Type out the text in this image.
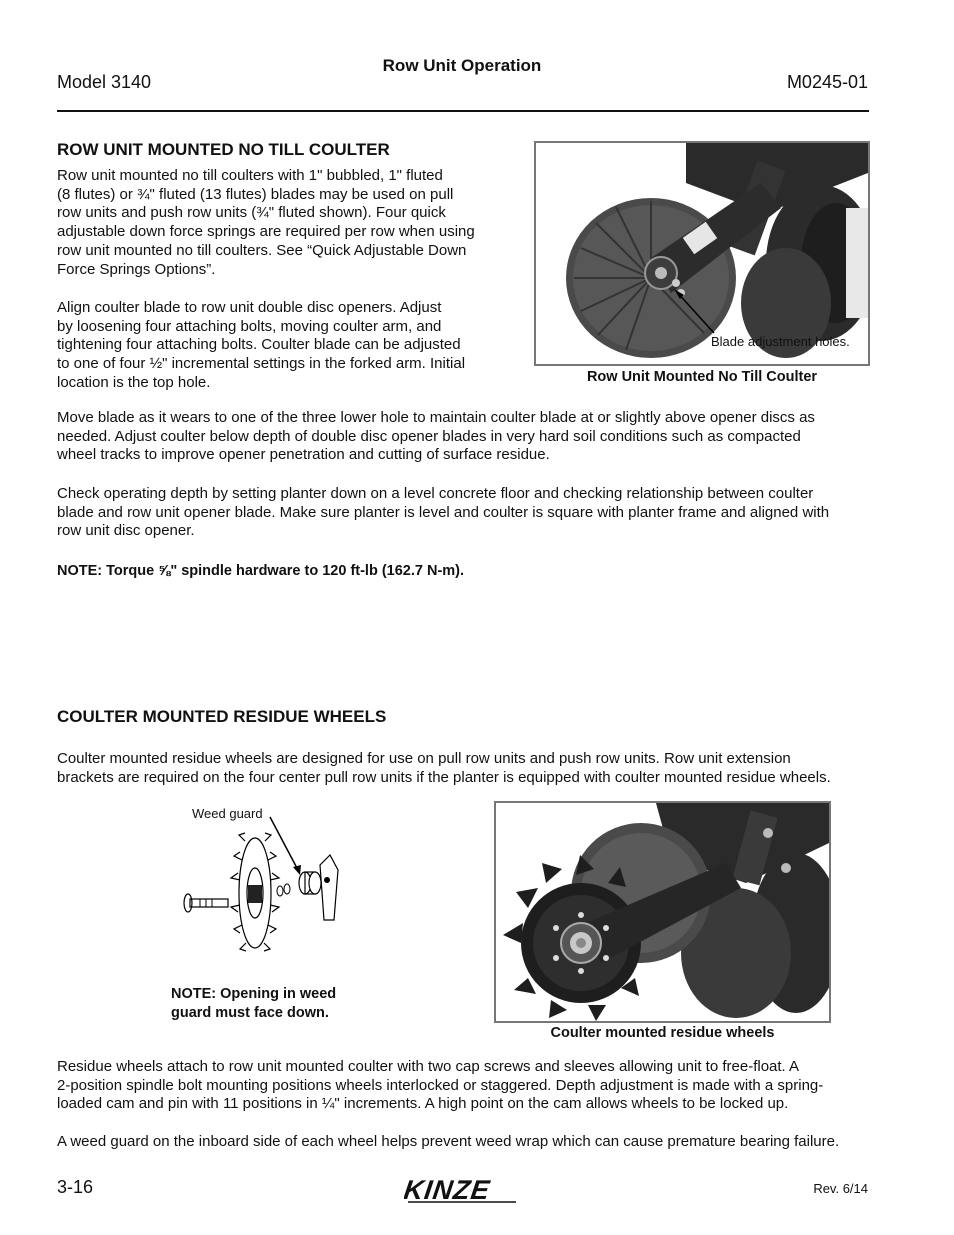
Row Unit Operation
Model 3140	M0245-01
ROW UNIT MOUNTED NO TILL COULTER
Row unit mounted no till coulters with 1" bubbled, 1" fluted
(8 flutes) or ¾" fluted (13 flutes) blades may be used on pull
row units and push row units (¾" fluted shown). Four quick
adjustable down force springs are required per row when using
row unit mounted no till coulters. See “Quick Adjustable Down
Force Springs Options”.
Align coulter blade to row unit double disc openers. Adjust
by loosening four attaching bolts, moving coulter arm, and
tightening four attaching bolts. Coulter blade can be adjusted
to one of four ½" incremental settings in the forked arm. Initial
location is the top hole.
Blade adjustment holes.
Row Unit Mounted No Till Coulter
Move blade as it wears to one of the three lower hole to maintain coulter blade at or slightly above opener discs as
needed. Adjust coulter below depth of double disc opener blades in very hard soil conditions such as compacted
wheel tracks to improve opener penetration and cutting of surface residue.
Check operating depth by setting planter down on a level concrete floor and checking relationship between coulter
blade and row unit opener blade. Make sure planter is level and coulter is square with planter frame and aligned with
row unit disc opener.
NOTE: Torque ⅝" spindle hardware to 120 ft-lb (162.7 N-m).
COULTER MOUNTED RESIDUE WHEELS
Coulter mounted residue wheels are designed for use on pull row units and push row units. Row unit extension
brackets are required on the four center pull row units if the planter is equipped with coulter mounted residue wheels.
Weed guard
NOTE: Opening in weed
guard must face down.
Coulter mounted residue wheels
Residue wheels attach to row unit mounted coulter with two cap screws and sleeves allowing unit to free-float. A
2-position spindle bolt mounting positions wheels interlocked or staggered. Depth adjustment is made with a spring-
loaded cam and pin with 11 positions in ¼" increments. A high point on the cam allows wheels to be locked up.
A weed guard on the inboard side of each wheel helps prevent weed wrap which can cause premature bearing failure.
3-16	KINZE	Rev. 6/14
